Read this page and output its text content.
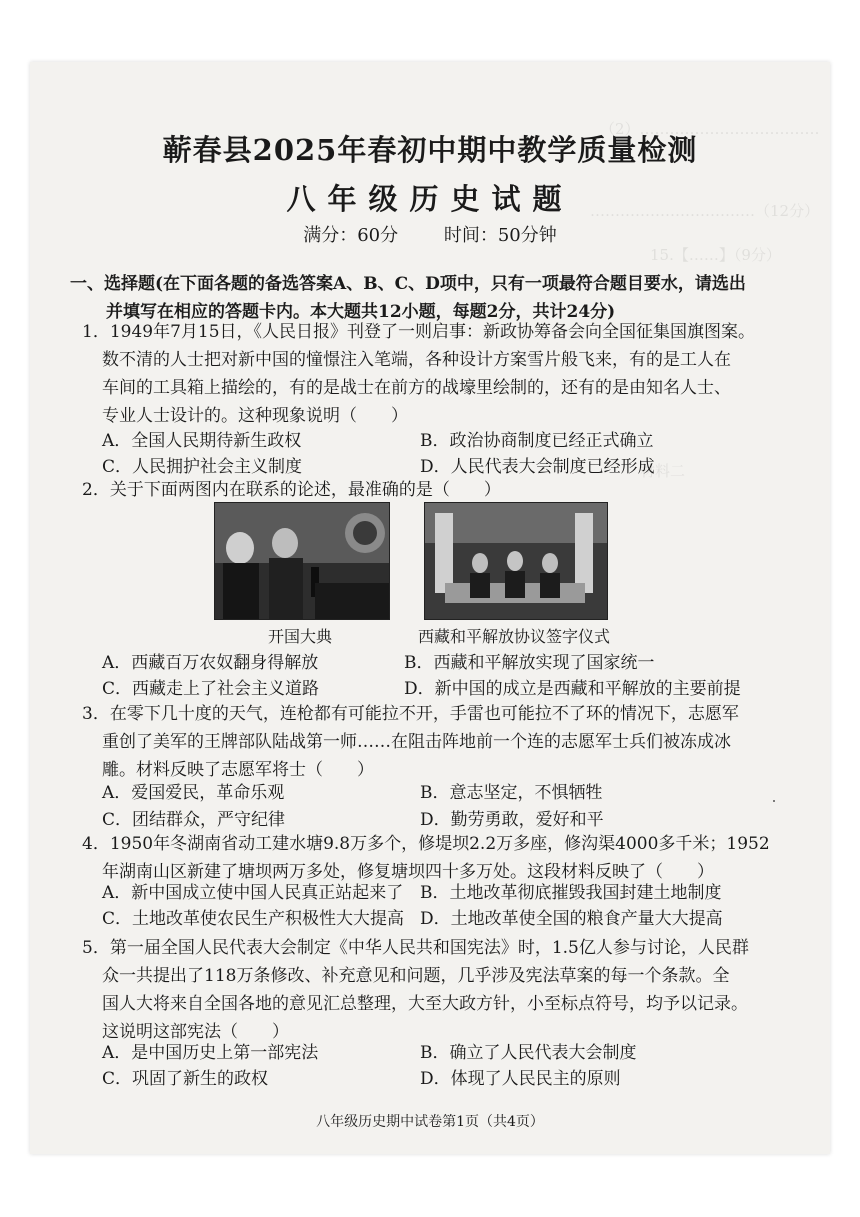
（2）………………………………
……………………………（12分）
15.【……】（9分）
材料二
蕲春县2025年春初中期中教学质量检测
八年级历史试题
满分：60分	时间：50分钟
一、选择题(在下面各题的备选答案A、B、C、D项中，只有一项最符合题目要水，请选出

并填写在相应的答题卡内。本大题共12小题，每题2分，共计24分)
1．1949年7月15日，《人民日报》刊登了一则启事：新政协筹备会向全国征集国旗图案。
数不清的人士把对新中国的憧憬注入笔端，各种设计方案雪片般飞来，有的是工人在
车间的工具箱上描绘的，有的是战士在前方的战壕里绘制的，还有的是由知名人士、
专业人士设计的。这种现象说明（　　）
A．全国人民期待新生政权	B．政治协商制度已经正式确立
C．人民拥护社会主义制度	D．人民代表大会制度已经形成
2．关于下面两图内在联系的论述，最准确的是（　　）
开国大典	西藏和平解放协议签字仪式
A．西藏百万农奴翻身得解放	B．西藏和平解放实现了国家统一
C．西藏走上了社会主义道路	D．新中国的成立是西藏和平解放的主要前提
3．在零下几十度的天气，连枪都有可能拉不开，手雷也可能拉不了环的情况下，志愿军
重创了美军的王牌部队陆战第一师……在阻击阵地前一个连的志愿军士兵们被冻成冰
雕。材料反映了志愿军将士（　　）
A．爱国爱民，革命乐观	B．意志坚定，不惧牺牲
C．团结群众，严守纪律	D．勤劳勇敢，爱好和平
4．1950年冬湖南省动工建水塘9.8万多个，修堤坝2.2万多座，修沟渠4000多千米；1952
年湖南山区新建了塘坝两万多处，修复塘坝四十多万处。这段材料反映了（　　）
A．新中国成立使中国人民真正站起来了 B．土地改革彻底摧毁我国封建土地制度
C．土地改革使农民生产积极性大大提高 D．土地改革使全国的粮食产量大大提高
5．第一届全国人民代表大会制定《中华人民共和国宪法》时，1.5亿人参与讨论，人民群
众一共提出了118万条修改、补充意见和问题，几乎涉及宪法草案的每一个条款。全
国人大将来自全国各地的意见汇总整理，大至大政方针，小至标点符号，均予以记录。
这说明这部宪法（　　）
A．是中国历史上第一部宪法	B．确立了人民代表大会制度
C．巩固了新生的政权	D．体现了人民民主的原则
八年级历史期中试卷第1页（共4页）
